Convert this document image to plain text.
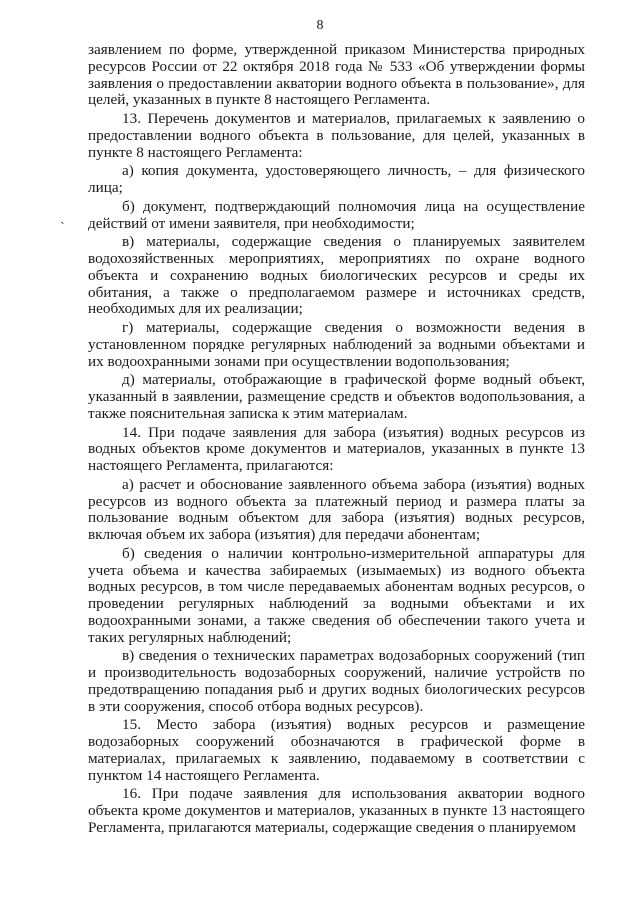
8
ˎ

заявлением по форме, утвержденной приказом Министерства природных ресурсов России от 22 октября 2018 года № 533 «Об утверждении формы заявления о предоставлении акватории водного объекта в пользование», для целей, указанных в пункте 8 настоящего Регламента.

13. Перечень документов и материалов, прилагаемых к заявлению о предоставлении водного объекта в пользование, для целей, указанных в пункте 8 настоящего Регламента:

а) копия документа, удостоверяющего личность, – для физического лица;

б) документ, подтверждающий полномочия лица на осуществление действий от имени заявителя, при необходимости;

в) материалы, содержащие сведения о планируемых заявителем водохозяйственных мероприятиях, мероприятиях по охране водного объекта и сохранению водных биологических ресурсов и среды их обитания, а также о предполагаемом размере и источниках средств, необходимых для их реализации;

г) материалы, содержащие сведения о возможности ведения в установленном порядке регулярных наблюдений за водными объектами и их водоохранными зонами при осуществлении водопользования;

д) материалы, отображающие в графической форме водный объект, указанный в заявлении, размещение средств и объектов водопользования, а также пояснительная записка к этим материалам.

14. При подаче заявления для забора (изъятия) водных ресурсов из водных объектов кроме документов и материалов, указанных в пункте 13 настоящего Регламента, прилагаются:

а) расчет и обоснование заявленного объема забора (изъятия) водных ресурсов из водного объекта за платежный период и размера платы за пользование водным объектом для забора (изъятия) водных ресурсов, включая объем их забора (изъятия) для передачи абонентам;

б) сведения о наличии контрольно-измерительной аппаратуры для учета объема и качества забираемых (изымаемых) из водного объекта водных ресурсов, в том числе передаваемых абонентам водных ресурсов, о проведении регулярных наблюдений за водными объектами и их водоохранными зонами, а также сведения об обеспечении такого учета и таких регулярных наблюдений;

в) сведения о технических параметрах водозаборных сооружений (тип и производительность водозаборных сооружений, наличие устройств по предотвращению попадания рыб и других водных биологических ресурсов в эти сооружения, способ отбора водных ресурсов).

15. Место забора (изъятия) водных ресурсов и размещение водозаборных сооружений обозначаются в графической форме в материалах, прилагаемых к заявлению, подаваемому в соответствии с пунктом 14 настоящего Регламента.

16. При подаче заявления для использования акватории водного объекта кроме документов и материалов, указанных в пункте 13 настоящего Регламента, прилагаются материалы, содержащие сведения о планируемом
